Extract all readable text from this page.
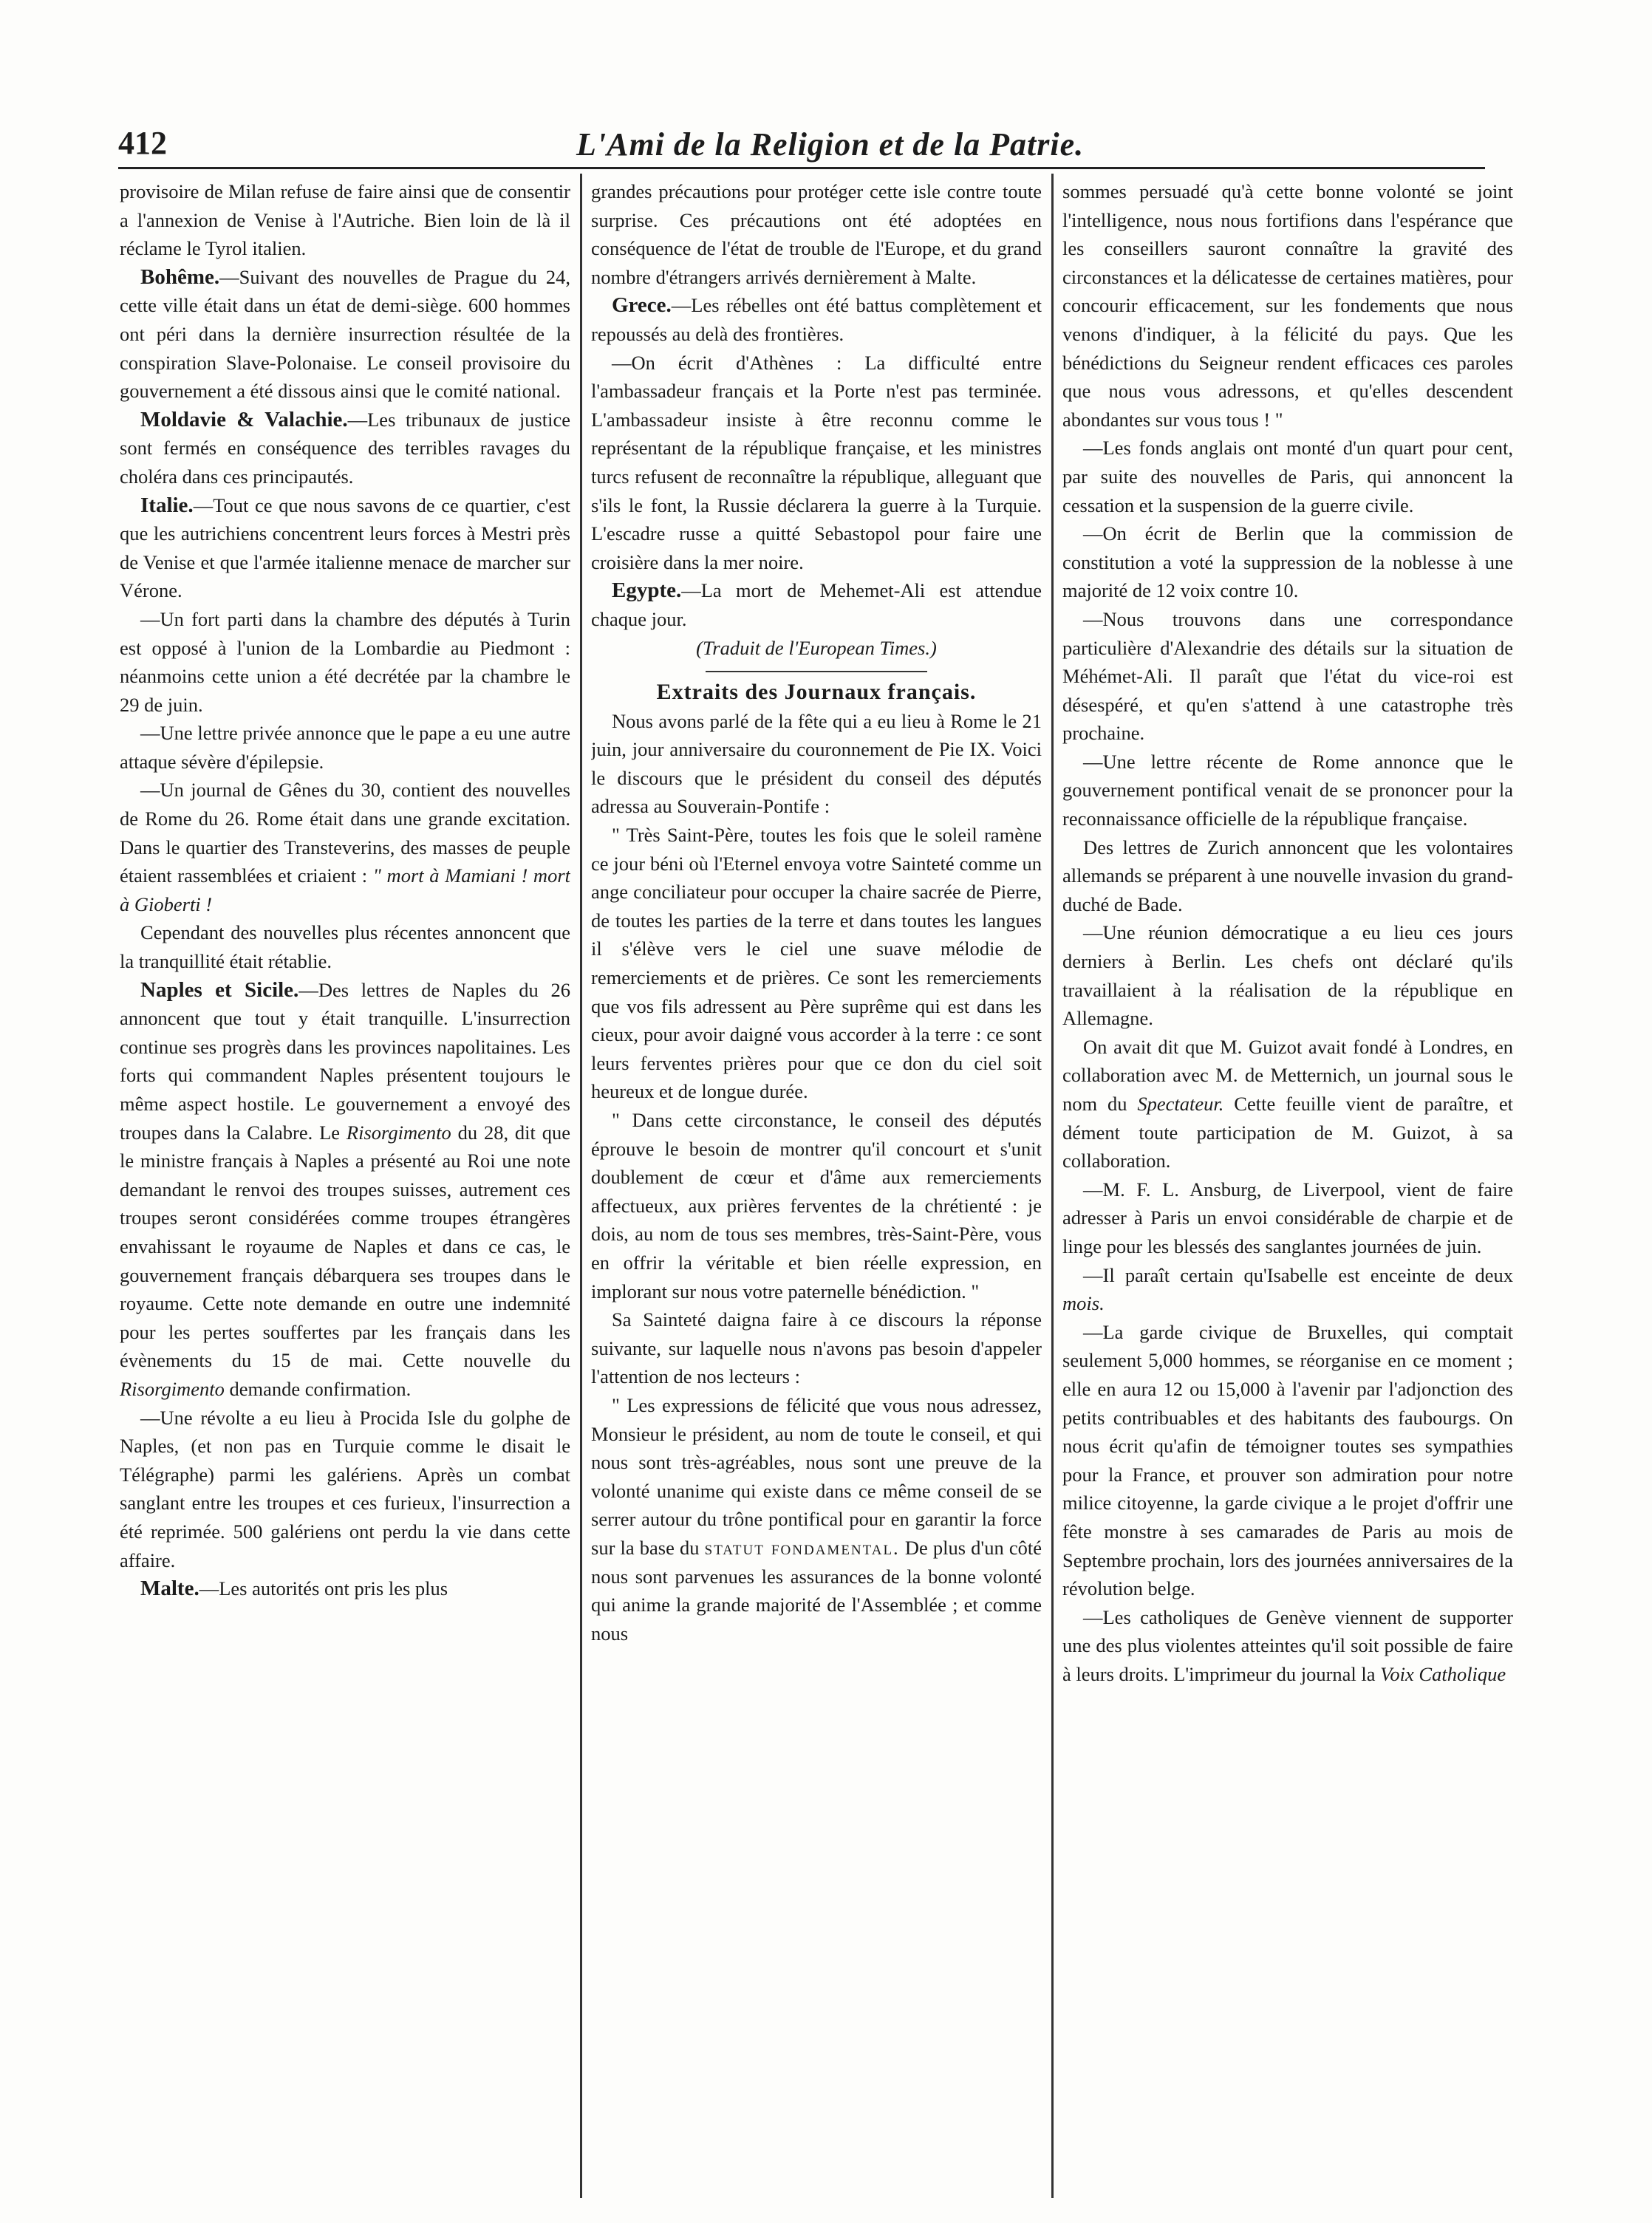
412	L'Ami de la Religion et de la Patrie.

provisoire de Milan refuse de faire ainsi que de consentir a l'annexion de Venise à l'Autriche. Bien loin de là il réclame le Tyrol italien.

Bohême.—Suivant des nouvelles de Prague du 24, cette ville était dans un état de demi-siège. 600 hommes ont péri dans la dernière insurrection résultée de la conspiration Slave-Polonaise. Le conseil provisoire du gouvernement a été dissous ainsi que le comité national.

Moldavie & Valachie.—Les tribunaux de justice sont fermés en conséquence des terribles ravages du choléra dans ces principautés.

Italie.—Tout ce que nous savons de ce quartier, c'est que les autrichiens concentrent leurs forces à Mestri près de Venise et que l'armée italienne menace de marcher sur Vérone.

—Un fort parti dans la chambre des députés à Turin est opposé à l'union de la Lombardie au Piedmont : néanmoins cette union a été decrétée par la chambre le 29 de juin.

—Une lettre privée annonce que le pape a eu une autre attaque sévère d'épilepsie.

—Un journal de Gênes du 30, contient des nouvelles de Rome du 26. Rome était dans une grande excitation. Dans le quartier des Transteverins, des masses de peuple étaient rassemblées et criaient : " mort à Mamiani ! mort à Gioberti !

Cependant des nouvelles plus récentes annoncent que la tranquillité était rétablie.

Naples et Sicile.—Des lettres de Naples du 26 annoncent que tout y était tranquille. L'insurrection continue ses progrès dans les provinces napolitaines. Les forts qui commandent Naples présentent toujours le même aspect hostile. Le gouvernement a envoyé des troupes dans la Calabre. Le Risorgimento du 28, dit que le ministre français à Naples a présenté au Roi une note demandant le renvoi des troupes suisses, autrement ces troupes seront considérées comme troupes étrangères envahissant le royaume de Naples et dans ce cas, le gouvernement français débarquera ses troupes dans le royaume. Cette note demande en outre une indemnité pour les pertes souffertes par les français dans les évènements du 15 de mai. Cette nouvelle du Risorgimento demande confirmation.

—Une révolte a eu lieu à Procida Isle du golphe de Naples, (et non pas en Turquie comme le disait le Télégraphe) parmi les galériens. Après un combat sanglant entre les troupes et ces furieux, l'insurrection a été reprimée. 500 galériens ont perdu la vie dans cette affaire.

Malte.—Les autorités ont pris les plus

grandes précautions pour protéger cette isle contre toute surprise. Ces précautions ont été adoptées en conséquence de l'état de trouble de l'Europe, et du grand nombre d'étrangers arrivés dernièrement à Malte.

Grece.—Les rébelles ont été battus complètement et repoussés au delà des frontières.

—On écrit d'Athènes : La difficulté entre l'ambassadeur français et la Porte n'est pas terminée. L'ambassadeur insiste à être reconnu comme le représentant de la république française, et les ministres turcs refusent de reconnaître la république, alleguant que s'ils le font, la Russie déclarera la guerre à la Turquie. L'escadre russe a quitté Sebastopol pour faire une croisière dans la mer noire.

Egypte.—La mort de Mehemet-Ali est attendue chaque jour.

(Traduit de l'European Times.)

Extraits des Journaux français.

Nous avons parlé de la fête qui a eu lieu à Rome le 21 juin, jour anniversaire du couronnement de Pie IX. Voici le discours que le président du conseil des députés adressa au Souverain-Pontife :

" Très Saint-Père, toutes les fois que le soleil ramène ce jour béni où l'Eternel envoya votre Sainteté comme un ange conciliateur pour occuper la chaire sacrée de Pierre, de toutes les parties de la terre et dans toutes les langues il s'élève vers le ciel une suave mélodie de remerciements et de prières. Ce sont les remerciements que vos fils adressent au Père suprême qui est dans les cieux, pour avoir daigné vous accorder à la terre : ce sont leurs ferventes prières pour que ce don du ciel soit heureux et de longue durée.

" Dans cette circonstance, le conseil des députés éprouve le besoin de montrer qu'il concourt et s'unit doublement de cœur et d'âme aux remerciements affectueux, aux prières ferventes de la chrétienté : je dois, au nom de tous ses membres, très-Saint-Père, vous en offrir la véritable et bien réelle expression, en implorant sur nous votre paternelle bénédiction. "

Sa Sainteté daigna faire à ce discours la réponse suivante, sur laquelle nous n'avons pas besoin d'appeler l'attention de nos lecteurs :

" Les expressions de félicité que vous nous adressez, Monsieur le président, au nom de toute le conseil, et qui nous sont très-agréables, nous sont une preuve de la volonté unanime qui existe dans ce même conseil de se serrer autour du trône pontifical pour en garantir la force sur la base du statut fondamental. De plus d'un côté nous sont parvenues les assurances de la bonne volonté qui anime la grande majorité de l'Assemblée ; et comme nous

sommes persuadé qu'à cette bonne volonté se joint l'intelligence, nous nous fortifions dans l'espérance que les conseillers sauront connaître la gravité des circonstances et la délicatesse de certaines matières, pour concourir efficacement, sur les fondements que nous venons d'indiquer, à la félicité du pays. Que les bénédictions du Seigneur rendent efficaces ces paroles que nous vous adressons, et qu'elles descendent abondantes sur vous tous ! "

—Les fonds anglais ont monté d'un quart pour cent, par suite des nouvelles de Paris, qui annoncent la cessation et la suspension de la guerre civile.

—On écrit de Berlin que la commission de constitution a voté la suppression de la noblesse à une majorité de 12 voix contre 10.

—Nous trouvons dans une correspondance particulière d'Alexandrie des détails sur la situation de Méhémet-Ali. Il paraît que l'état du vice-roi est désespéré, et qu'en s'attend à une catastrophe très prochaine.

—Une lettre récente de Rome annonce que le gouvernement pontifical venait de se prononcer pour la reconnaissance officielle de la république française.

Des lettres de Zurich annoncent que les volontaires allemands se préparent à une nouvelle invasion du grand-duché de Bade.

—Une réunion démocratique a eu lieu ces jours derniers à Berlin. Les chefs ont déclaré qu'ils travaillaient à la réalisation de la république en Allemagne.

On avait dit que M. Guizot avait fondé à Londres, en collaboration avec M. de Metternich, un journal sous le nom du Spectateur. Cette feuille vient de paraître, et dément toute participation de M. Guizot, à sa collaboration.

—M. F. L. Ansburg, de Liverpool, vient de faire adresser à Paris un envoi considérable de charpie et de linge pour les blessés des sanglantes journées de juin.

—Il paraît certain qu'Isabelle est enceinte de deux mois.

—La garde civique de Bruxelles, qui comptait seulement 5,000 hommes, se réorganise en ce moment ; elle en aura 12 ou 15,000 à l'avenir par l'adjonction des petits contribuables et des habitants des faubourgs. On nous écrit qu'afin de témoigner toutes ses sympathies pour la France, et prouver son admiration pour notre milice citoyenne, la garde civique a le projet d'offrir une fête monstre à ses camarades de Paris au mois de Septembre prochain, lors des journées anniversaires de la révolution belge.

—Les catholiques de Genève viennent de supporter une des plus violentes atteintes qu'il soit possible de faire à leurs droits. L'imprimeur du journal la Voix Catholique
